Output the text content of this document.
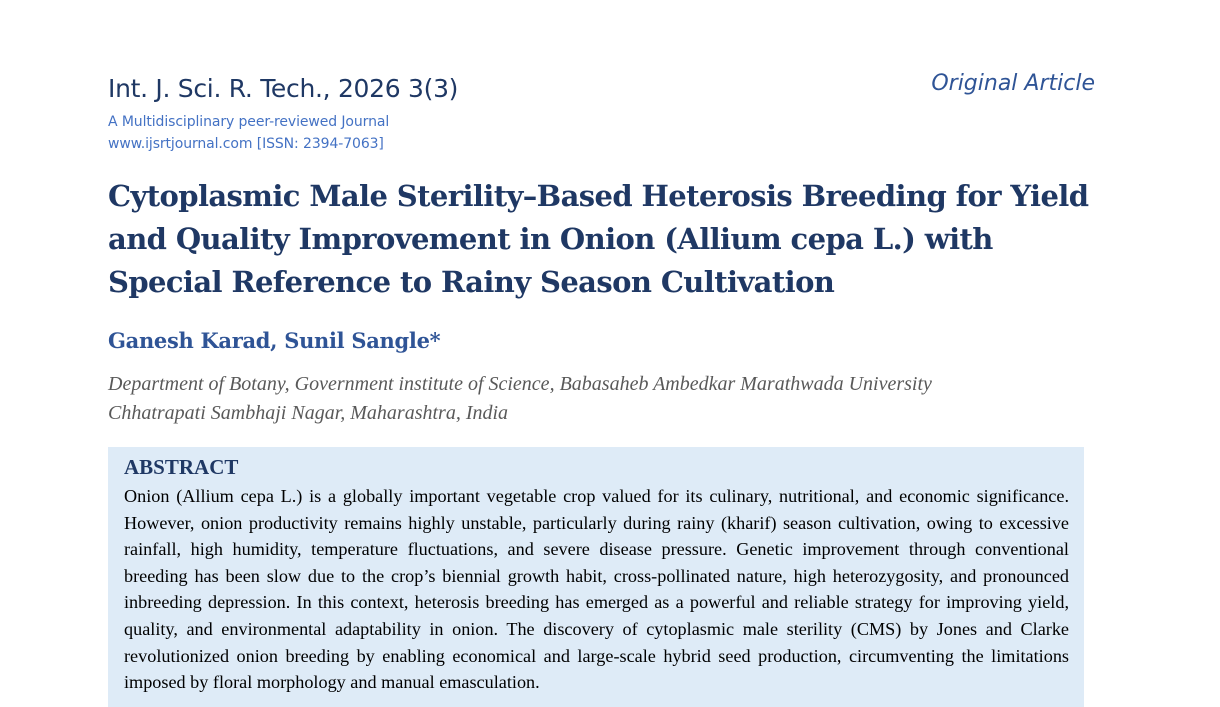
Int. J. Sci. R. Tech., 2026 3(3)	Original Article
A Multidisciplinary peer-reviewed Journal
www.ijsrtjournal.com [ISSN: 2394-7063]
Cytoplasmic Male Sterility–Based Heterosis Breeding for Yield and Quality Improvement in Onion (Allium cepa L.) with Special Reference to Rainy Season Cultivation
Ganesh Karad, Sunil Sangle*
Department of Botany, Government institute of Science, Babasaheb Ambedkar Marathwada University
Chhatrapati Sambhaji Nagar, Maharashtra, India
ABSTRACT
Onion (Allium cepa L.) is a globally important vegetable crop valued for its culinary, nutritional, and economic significance. However, onion productivity remains highly unstable, particularly during rainy (kharif) season cultivation, owing to excessive rainfall, high humidity, temperature fluctuations, and severe disease pressure. Genetic improvement through conventional breeding has been slow due to the crop’s biennial growth habit, cross-pollinated nature, high heterozygosity, and pronounced inbreeding depression. In this context, heterosis breeding has emerged as a powerful and reliable strategy for improving yield, quality, and environmental adaptability in onion. The discovery of cytoplasmic male sterility (CMS) by Jones and Clarke revolutionized onion breeding by enabling economical and large-scale hybrid seed production, circumventing the limitations imposed by floral morphology and manual emasculation.
